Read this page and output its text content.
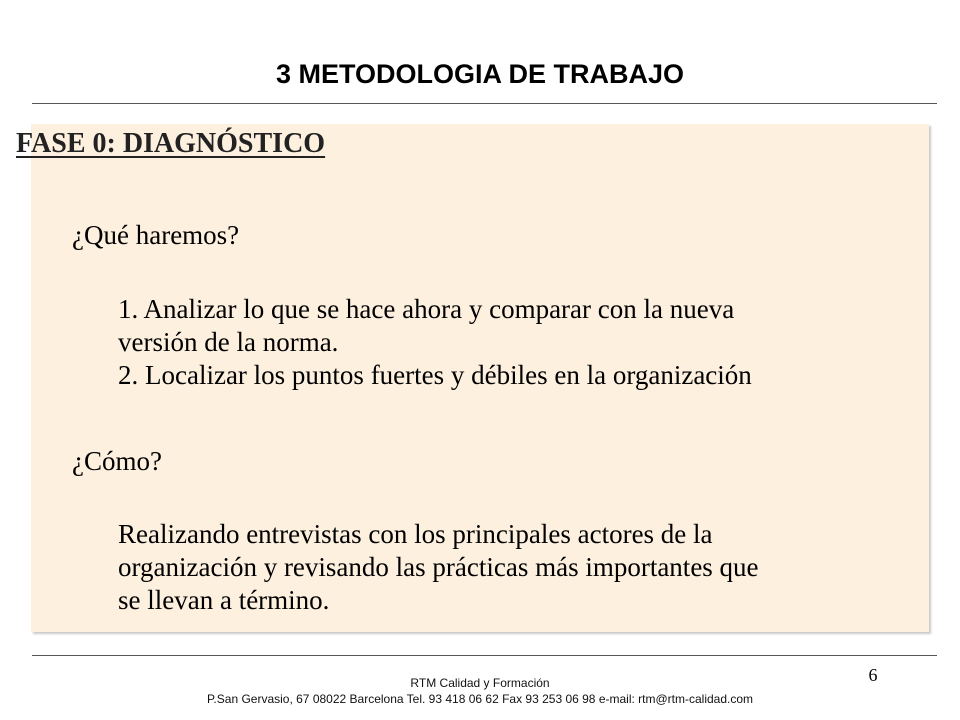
3 METODOLOGIA DE TRABAJO
FASE 0: DIAGNÓSTICO

¿Qué haremos?

1. Analizar lo que se hace ahora y comparar con la nueva
versión de la norma.
2. Localizar los puntos fuertes y débiles en la organización

¿Cómo?

Realizando entrevistas con los principales actores de la
organización y revisando las prácticas más importantes que
se llevan a término.

6
RTM Calidad y Formación
P.San Gervasio, 67 08022 Barcelona Tel. 93 418 06 62 Fax 93 253 06 98 e-mail: rtm@rtm-calidad.com
